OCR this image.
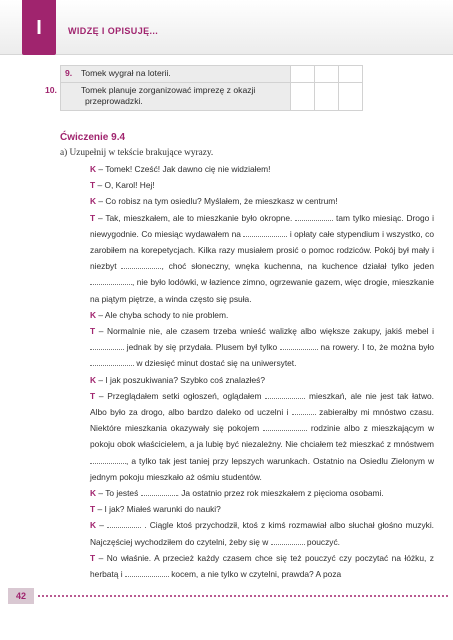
I	WIDZĘ I OPISUJĘ...
9. Tomek wygrał na loterii.			
10. Tomek planuje zorganizować imprezę z okazji przeprowadzki.			
Ćwiczenie 9.4
a) Uzupełnij w tekście brakujące wyrazy.

K – Tomek! Cześć! Jak dawno cię nie widziałem!

T – O, Karol! Hej!

K – Co robisz na tym osiedlu? Myślałem, że mieszkasz w centrum!

T – Tak, mieszkałem, ale to mieszkanie było okropne.	tam tylko miesiąc. Drogo i niewygodnie. Co miesiąc wydawałem na	i opłaty całe stypendium i wszystko, co zarobiłem na korepetycjach. Kilka razy musiałem prosić o pomoc rodziców. Pokój był mały i niezbyt	, choć słoneczny, wnęka kuchenna, na kuchence działał tylko jeden , nie było lodówki, w łazience zimno, ogrzewanie gazem, więc drogie, mieszkanie na piątym piętrze, a winda często się psuła.

K – Ale chyba schody to nie problem.

T – Normalnie nie, ale czasem trzeba wnieść walizkę albo większe zakupy, jakiś mebel i  jednak by się przydała. Plusem był tylko	na rowery. I to, że można było  w dziesięć minut dostać się na uniwersytet.

K – I jak poszukiwania? Szybko coś znalazłeś?

T – Przeglądałem setki ogłoszeń, oglądałem	mieszkań, ale nie jest tak łatwo. Albo było za drogo, albo bardzo daleko od uczelni i	zabierałby mi mnóstwo czasu. Niektóre mieszkania okazywały się pokojem	rodzinie albo z mieszkającym w pokoju obok właścicielem, a ja lubię być niezależny. Nie chciałem też mieszkać z mnóstwem , a tylko tak jest taniej przy lepszych warunkach. Ostatnio na Osiedlu Zielonym w jednym pokoju mieszkało aż ośmiu studentów.

K – To jesteś	. Ja ostatnio przez rok mieszkałem z pięcioma osobami.

T – I jak? Miałeś warunki do nauki?

K –	. Ciągle ktoś przychodził, ktoś z kimś rozmawiał albo słuchał głośno muzyki. Najczęściej wychodziłem do czytelni, żeby się w	pouczyć.

T – No właśnie. A przecież każdy czasem chce się też pouczyć czy poczytać na łóżku, z herbatą i	kocem, a nie tylko w czytelni, prawda? A poza

42
